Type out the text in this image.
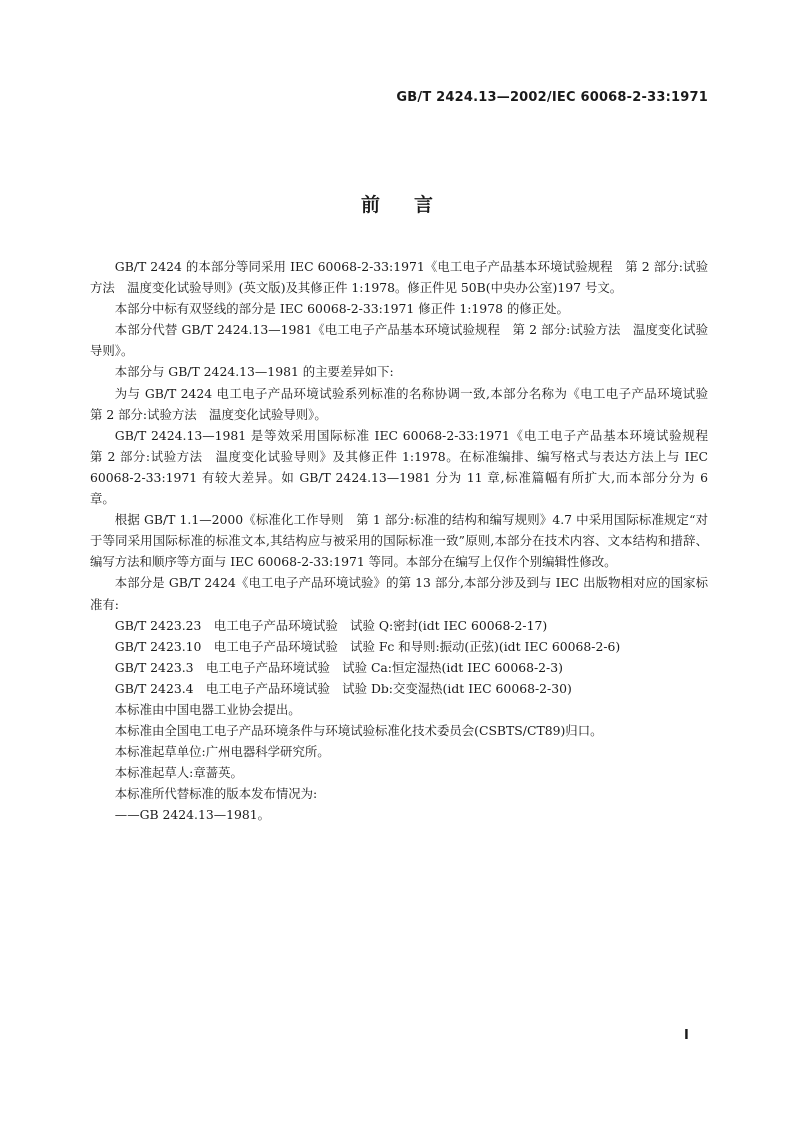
GB/T 2424.13—2002/IEC 60068-2-33:1971
前言

GB/T 2424 的本部分等同采用 IEC 60068-2-33:1971《电工电子产品基本环境试验规程　第 2 部分:试验方法　温度变化试验导则》(英文版)及其修正件 1:1978。修正件见 50B(中央办公室)197 号文。

本部分中标有双竖线的部分是 IEC 60068-2-33:1971 修正件 1:1978 的修正处。

本部分代替 GB/T 2424.13—1981《电工电子产品基本环境试验规程　第 2 部分:试验方法　温度变化试验导则》。

本部分与 GB/T 2424.13—1981 的主要差异如下:

为与 GB/T 2424 电工电子产品环境试验系列标准的名称协调一致,本部分名称为《电工电子产品环境试验　第 2 部分:试验方法　温度变化试验导则》。

GB/T 2424.13—1981 是等效采用国际标准 IEC 60068-2-33:1971《电工电子产品基本环境试验规程　第 2 部分:试验方法　温度变化试验导则》及其修正件 1:1978。在标准编排、编写格式与表达方法上与 IEC 60068-2-33:1971 有较大差异。如 GB/T 2424.13—1981 分为 11 章,标准篇幅有所扩大,而本部分分为 6 章。

根据 GB/T 1.1—2000《标准化工作导则　第 1 部分:标准的结构和编写规则》4.7 中采用国际标准规定“对于等同采用国际标准的标准文本,其结构应与被采用的国际标准一致”原则,本部分在技术内容、文本结构和措辞、编写方法和顺序等方面与 IEC 60068-2-33:1971 等同。本部分在编写上仅作个别编辑性修改。

本部分是 GB/T 2424《电工电子产品环境试验》的第 13 部分,本部分涉及到与 IEC 出版物相对应的国家标准有:

GB/T 2423.23　电工电子产品环境试验　试验 Q:密封(idt IEC 60068-2-17)

GB/T 2423.10　电工电子产品环境试验　试验 Fc 和导则:振动(正弦)(idt IEC 60068-2-6)

GB/T 2423.3　电工电子产品环境试验　试验 Ca:恒定湿热(idt IEC 60068-2-3)

GB/T 2423.4　电工电子产品环境试验　试验 Db:交变湿热(idt IEC 60068-2-30)

本标准由中国电器工业协会提出。

本标准由全国电工电子产品环境条件与环境试验标准化技术委员会(CSBTS/CT89)归口。

本标准起草单位:广州电器科学研究所。

本标准起草人:章蔷英。

本标准所代替标准的版本发布情况为:

——GB 2424.13—1981。

I
